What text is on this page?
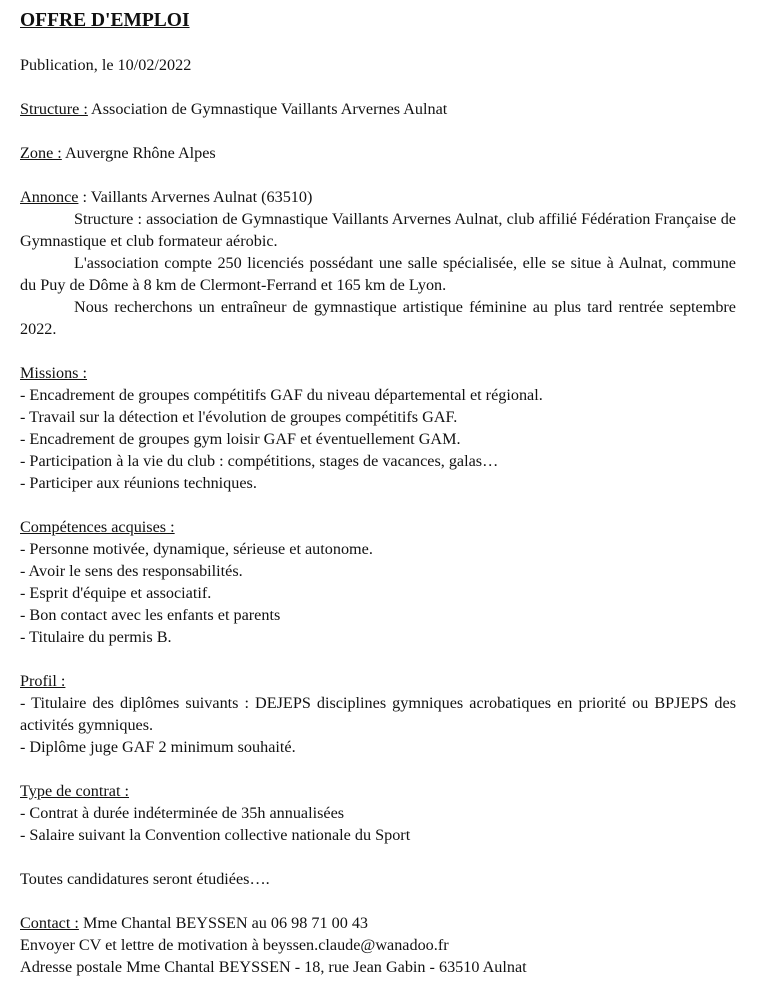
OFFRE D'EMPLOI

Publication, le 10/02/2022

Structure : Association de Gymnastique Vaillants Arvernes Aulnat

Zone : Auvergne Rhône Alpes

Annonce : Vaillants Arvernes Aulnat (63510)

Structure : association de Gymnastique Vaillants Arvernes Aulnat, club affilié Fédération Française de Gymnastique et club formateur aérobic.

L'association compte 250 licenciés possédant une salle spécialisée, elle se situe à Aulnat, commune du Puy de Dôme à 8 km de Clermont-Ferrand et 165 km de Lyon.

Nous recherchons un entraîneur de gymnastique artistique féminine au plus tard rentrée septembre 2022.

Missions :

- Encadrement de groupes compétitifs GAF du niveau départemental et régional.

- Travail sur la détection et l'évolution de groupes compétitifs GAF.

- Encadrement de groupes gym loisir GAF et éventuellement GAM.

- Participation à la vie du club : compétitions, stages de vacances, galas…

- Participer aux réunions techniques.

Compétences acquises :

- Personne motivée, dynamique, sérieuse et autonome.

- Avoir le sens des responsabilités.

- Esprit d'équipe et associatif.

- Bon contact avec les enfants et parents

- Titulaire du permis B.

Profil :

- Titulaire des diplômes suivants : DEJEPS disciplines gymniques acrobatiques en priorité ou BPJEPS des activités gymniques.

- Diplôme juge GAF 2 minimum souhaité.

Type de contrat :

- Contrat à durée indéterminée de 35h annualisées

- Salaire suivant la Convention collective nationale du Sport

Toutes candidatures seront étudiées….

Contact : Mme Chantal BEYSSEN au 06 98 71 00 43

Envoyer CV et lettre de motivation à beyssen.claude@wanadoo.fr

Adresse postale Mme Chantal BEYSSEN - 18, rue Jean Gabin - 63510 Aulnat
